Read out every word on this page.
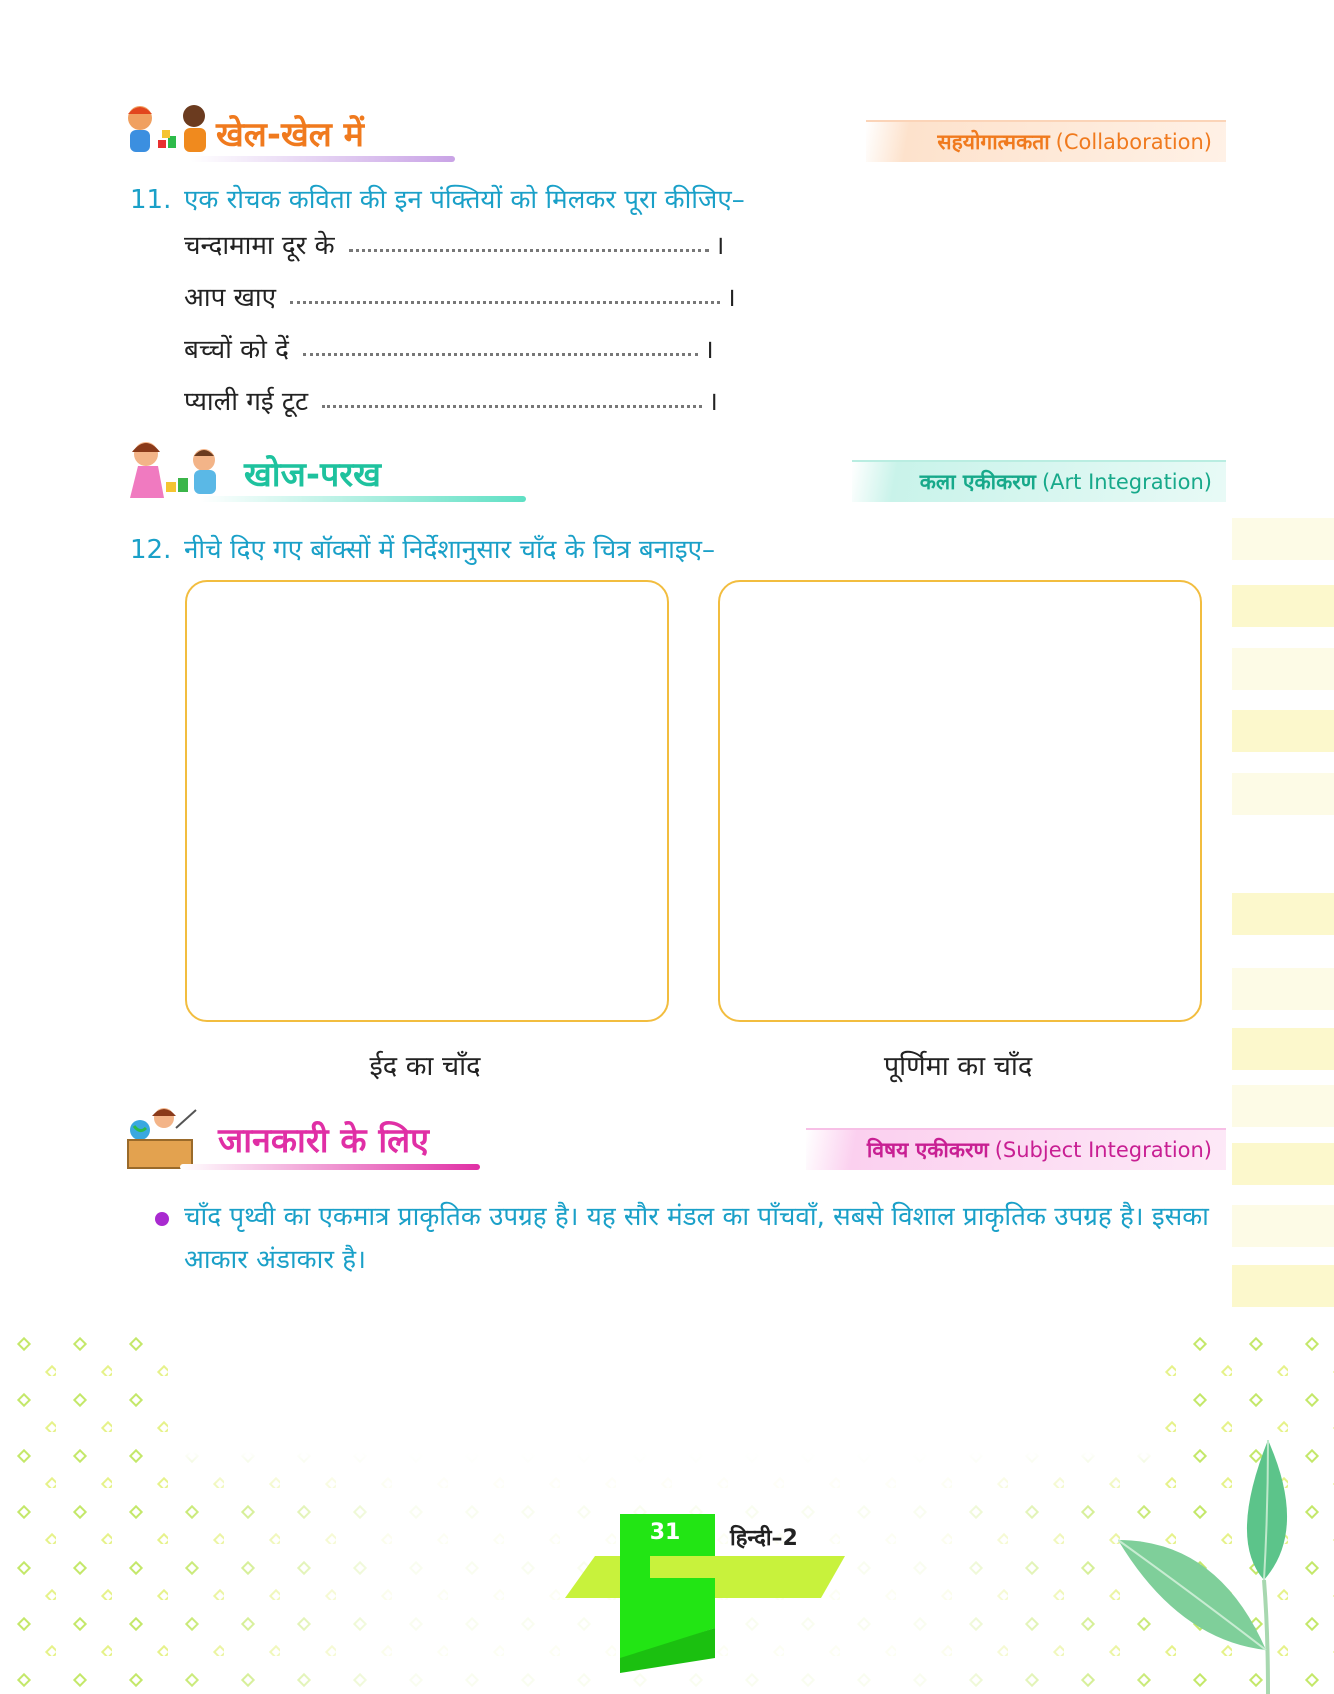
खेल-खेल में	सहयोगात्मकता (Collaboration)
11. एक रोचक कविता की इन पंक्तियों को मिलकर पूरा कीजिए–
चन्दामामा दूर के	।
आप खाए	।
बच्चों को दें	।
प्याली गई टूट	।
खोज-परख	कला एकीकरण (Art Integration)
12. नीचे दिए गए बॉक्सों में निर्देशानुसार चाँद के चित्र बनाइए–
ईद का चाँद	पूर्णिमा का चाँद
जानकारी के लिए	विषय एकीकरण (Subject Integration)
चाँद पृथ्वी का एकमात्र प्राकृतिक उपग्रह है। यह सौर मंडल का पाँचवाँ, सबसे विशाल प्राकृतिक उपग्रह है। इसका आकार अंडाकार है।
31	हिन्दी–2
